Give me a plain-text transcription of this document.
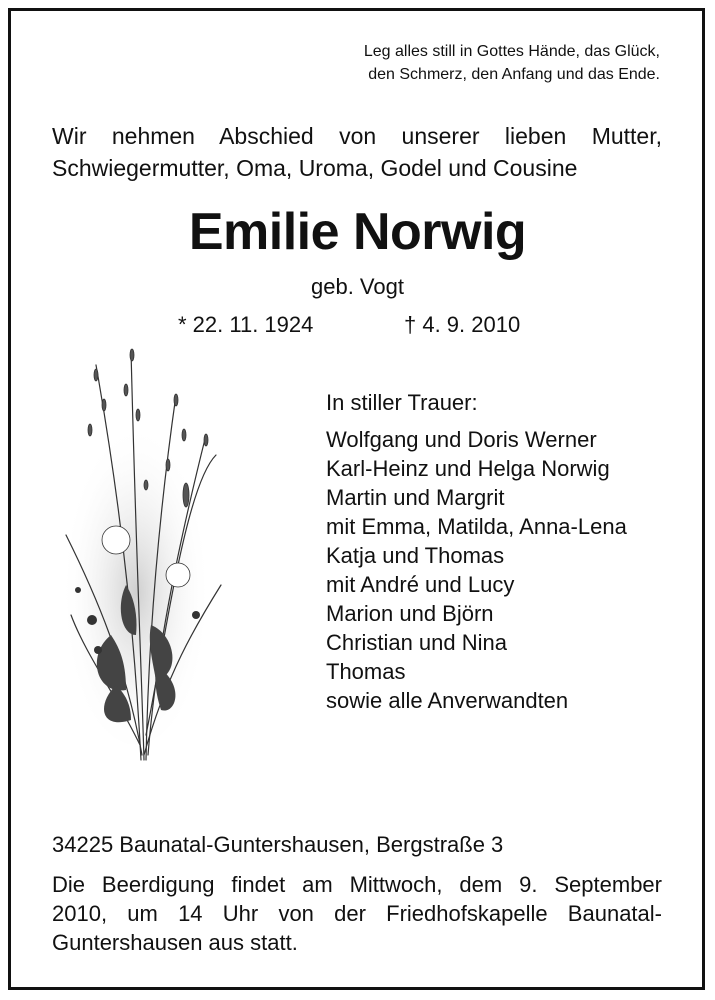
Leg alles still in Gottes Hände, das Glück,
den Schmerz, den Anfang und das Ende.
Wir nehmen Abschied von unserer lieben Mutter,
Schwiegermutter, Oma, Uroma, Godel und Cousine
Emilie Norwig
geb. Vogt
* 22. 11. 1924	† 4. 9. 2010
In stiller Trauer:
Wolfgang und Doris Werner
Karl-Heinz und Helga Norwig
Martin und Margrit
mit Emma, Matilda, Anna-Lena
Katja und Thomas
mit André und Lucy
Marion und Björn
Christian und Nina
Thomas
sowie alle Anverwandten
34225 Baunatal-Guntershausen, Bergstraße 3
Die Beerdigung findet am Mittwoch, dem 9. September
2010, um 14 Uhr von der Friedhofskapelle Baunatal-
Guntershausen aus statt.
